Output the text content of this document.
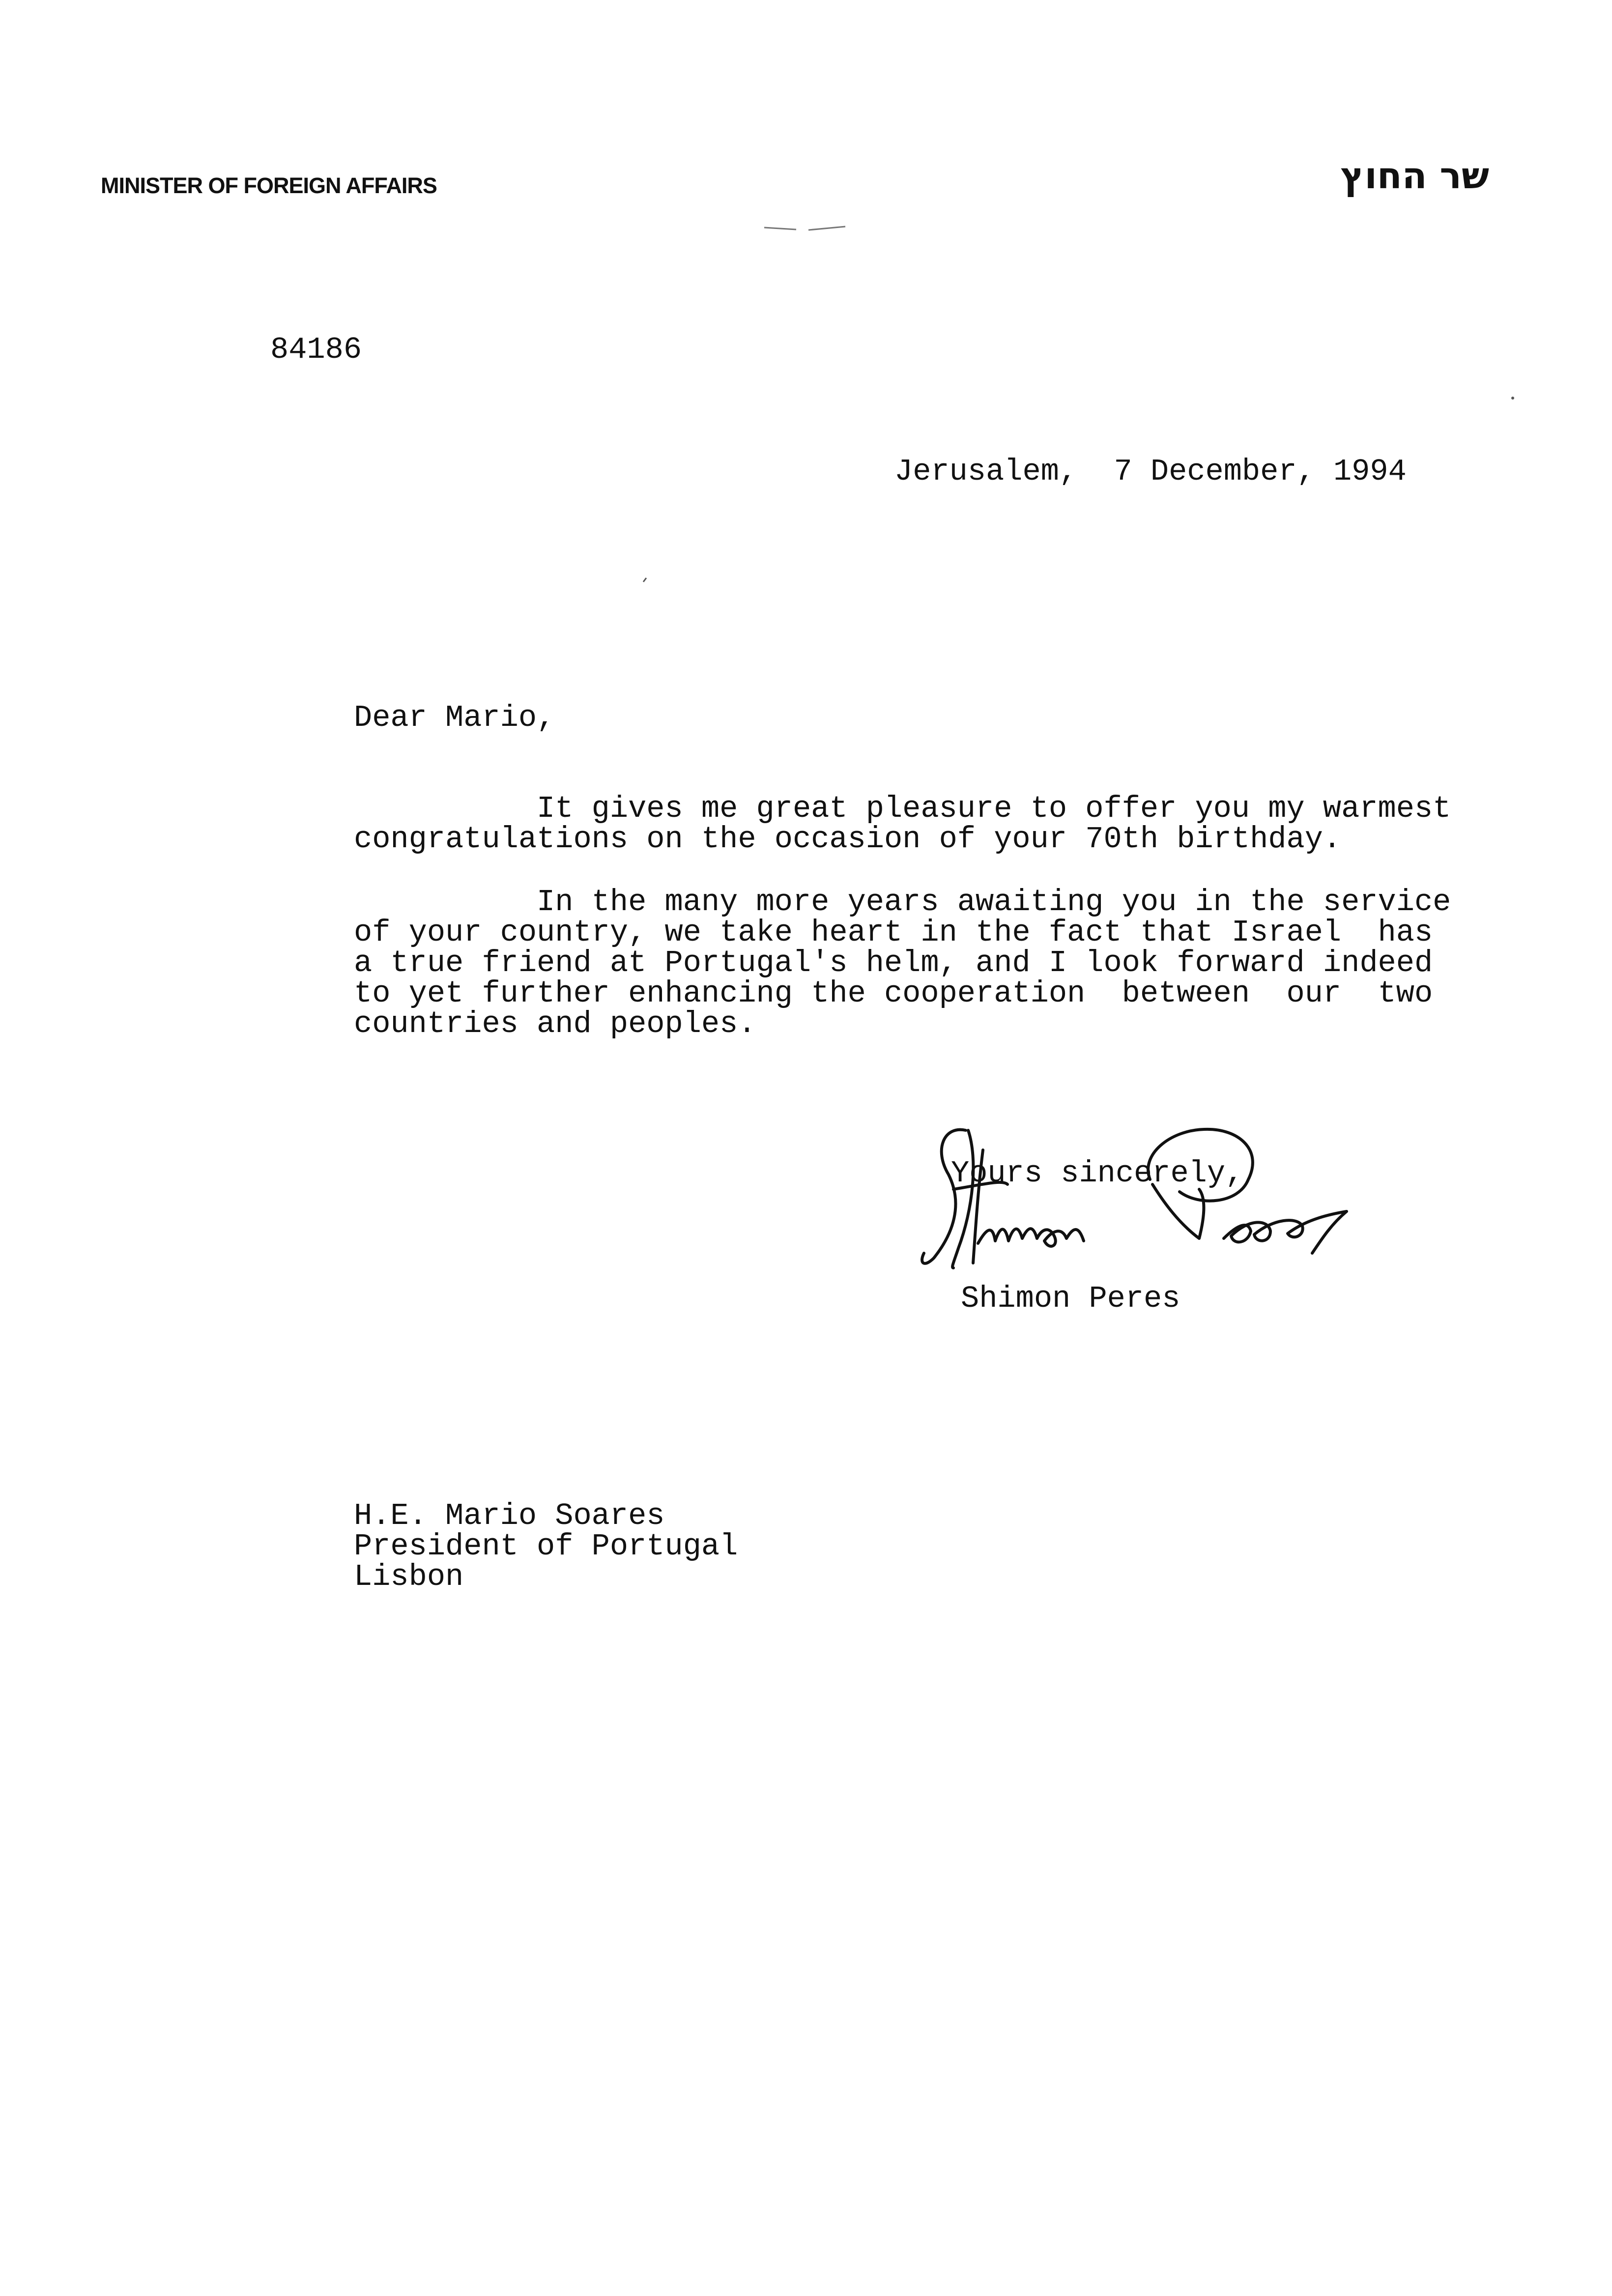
MINISTER OF FOREIGN AFFAIRS	שר החוץ
84186
Jerusalem,  7 December, 1994
Dear Mario,
It gives me great pleasure to offer you my warmest
congratulations on the occasion of your 70th birthday.
In the many more years awaiting you in the service
of your country, we take heart in the fact that Israel  has
a true friend at Portugal's helm, and I look forward indeed
to yet further enhancing the cooperation  between  our  two
countries and peoples.
Yours sincerely,
Shimon Peres
H.E. Mario Soares
President of Portugal
Lisbon
